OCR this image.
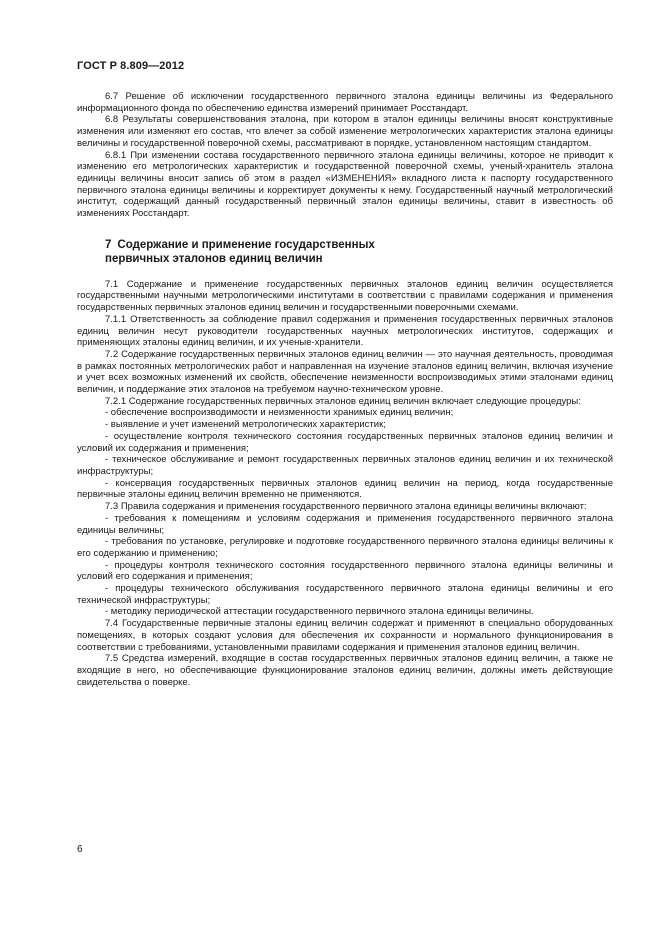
ГОСТ Р 8.809—2012

6.7 Решение об исключении государственного первичного эталона единицы величины из Федерального информационного фонда по обеспечению единства измерений принимает Росстандарт.

6.8 Результаты совершенствования эталона, при котором в эталон единицы величины вносят конструктивные изменения или изменяют его состав, что влечет за собой изменение метрологических характеристик эталона единицы величины и государственной поверочной схемы, рассматривают в порядке, установленном настоящим стандартом.

6.8.1 При изменении состава государственного первичного эталона единицы величины, которое не приводит к изменению его метрологических характеристик и государственной поверочной схемы, ученый-хранитель эталона единицы величины вносит запись об этом в раздел «ИЗМЕНЕНИЯ» вкладного листа к паспорту государственного первичного эталона единицы величины и корректирует документы к нему. Государственный научный метрологический институт, содержащий данный государственный первичный эталон единицы величины, ставит в известность об изменениях Росстандарт.

7 Содержание и применение государственных
первичных эталонов единиц величин

7.1 Содержание и применение государственных первичных эталонов единиц величин осуществляется государственными научными метрологическими институтами в соответствии с правилами содержания и применения государственных первичных эталонов единиц величин и государственными поверочными схемами.

7.1.1 Ответственность за соблюдение правил содержания и применения государственных первичных эталонов единиц величин несут руководители государственных научных метрологических институтов, содержащих и применяющих эталоны единиц величин, и их ученые-хранители.

7.2 Содержание государственных первичных эталонов единиц величин — это научная деятельность, проводимая в рамках постоянных метрологических работ и направленная на изучение эталонов единиц величин, включая изучение и учет всех возможных изменений их свойств, обеспечение неизменности воспроизводимых этими эталонами единиц величин, и поддержание этих эталонов на требуемом научно-техническом уровне.

7.2.1 Содержание государственных первичных эталонов единиц величин включает следующие процедуры:

- обеспечение воспроизводимости и неизменности хранимых единиц величин;

- выявление и учет изменений метрологических характеристик;

- осуществление контроля технического состояния государственных первичных эталонов единиц величин и условий их содержания и применения;

- техническое обслуживание и ремонт государственных первичных эталонов единиц величин и их технической инфраструктуры;

- консервация государственных первичных эталонов единиц величин на период, когда государственные первичные эталоны единиц величин временно не применяются.

7.3 Правила содержания и применения государственного первичного эталона единицы величины включают:

- требования к помещениям и условиям содержания и применения государственного первичного эталона единицы величины;

- требования по установке, регулировке и подготовке государственного первичного эталона единицы величины к его содержанию и применению;

- процедуры контроля технического состояния государственного первичного эталона единицы величины и условий его содержания и применения;

- процедуры технического обслуживания государственного первичного эталона единицы величины и его технической инфраструктуры;

- методику периодической аттестации государственного первичного эталона единицы величины.

7.4 Государственные первичные эталоны единиц величин содержат и применяют в специально оборудованных помещениях, в которых создают условия для обеспечения их сохранности и нормального функционирования в соответствии с требованиями, установленными правилами содержания и применения эталонов единиц величин.

7.5 Средства измерений, входящие в состав государственных первичных эталонов единиц величин, а также не входящие в него, но обеспечивающие функционирование эталонов единиц величин, должны иметь действующие свидетельства о поверке.

6
